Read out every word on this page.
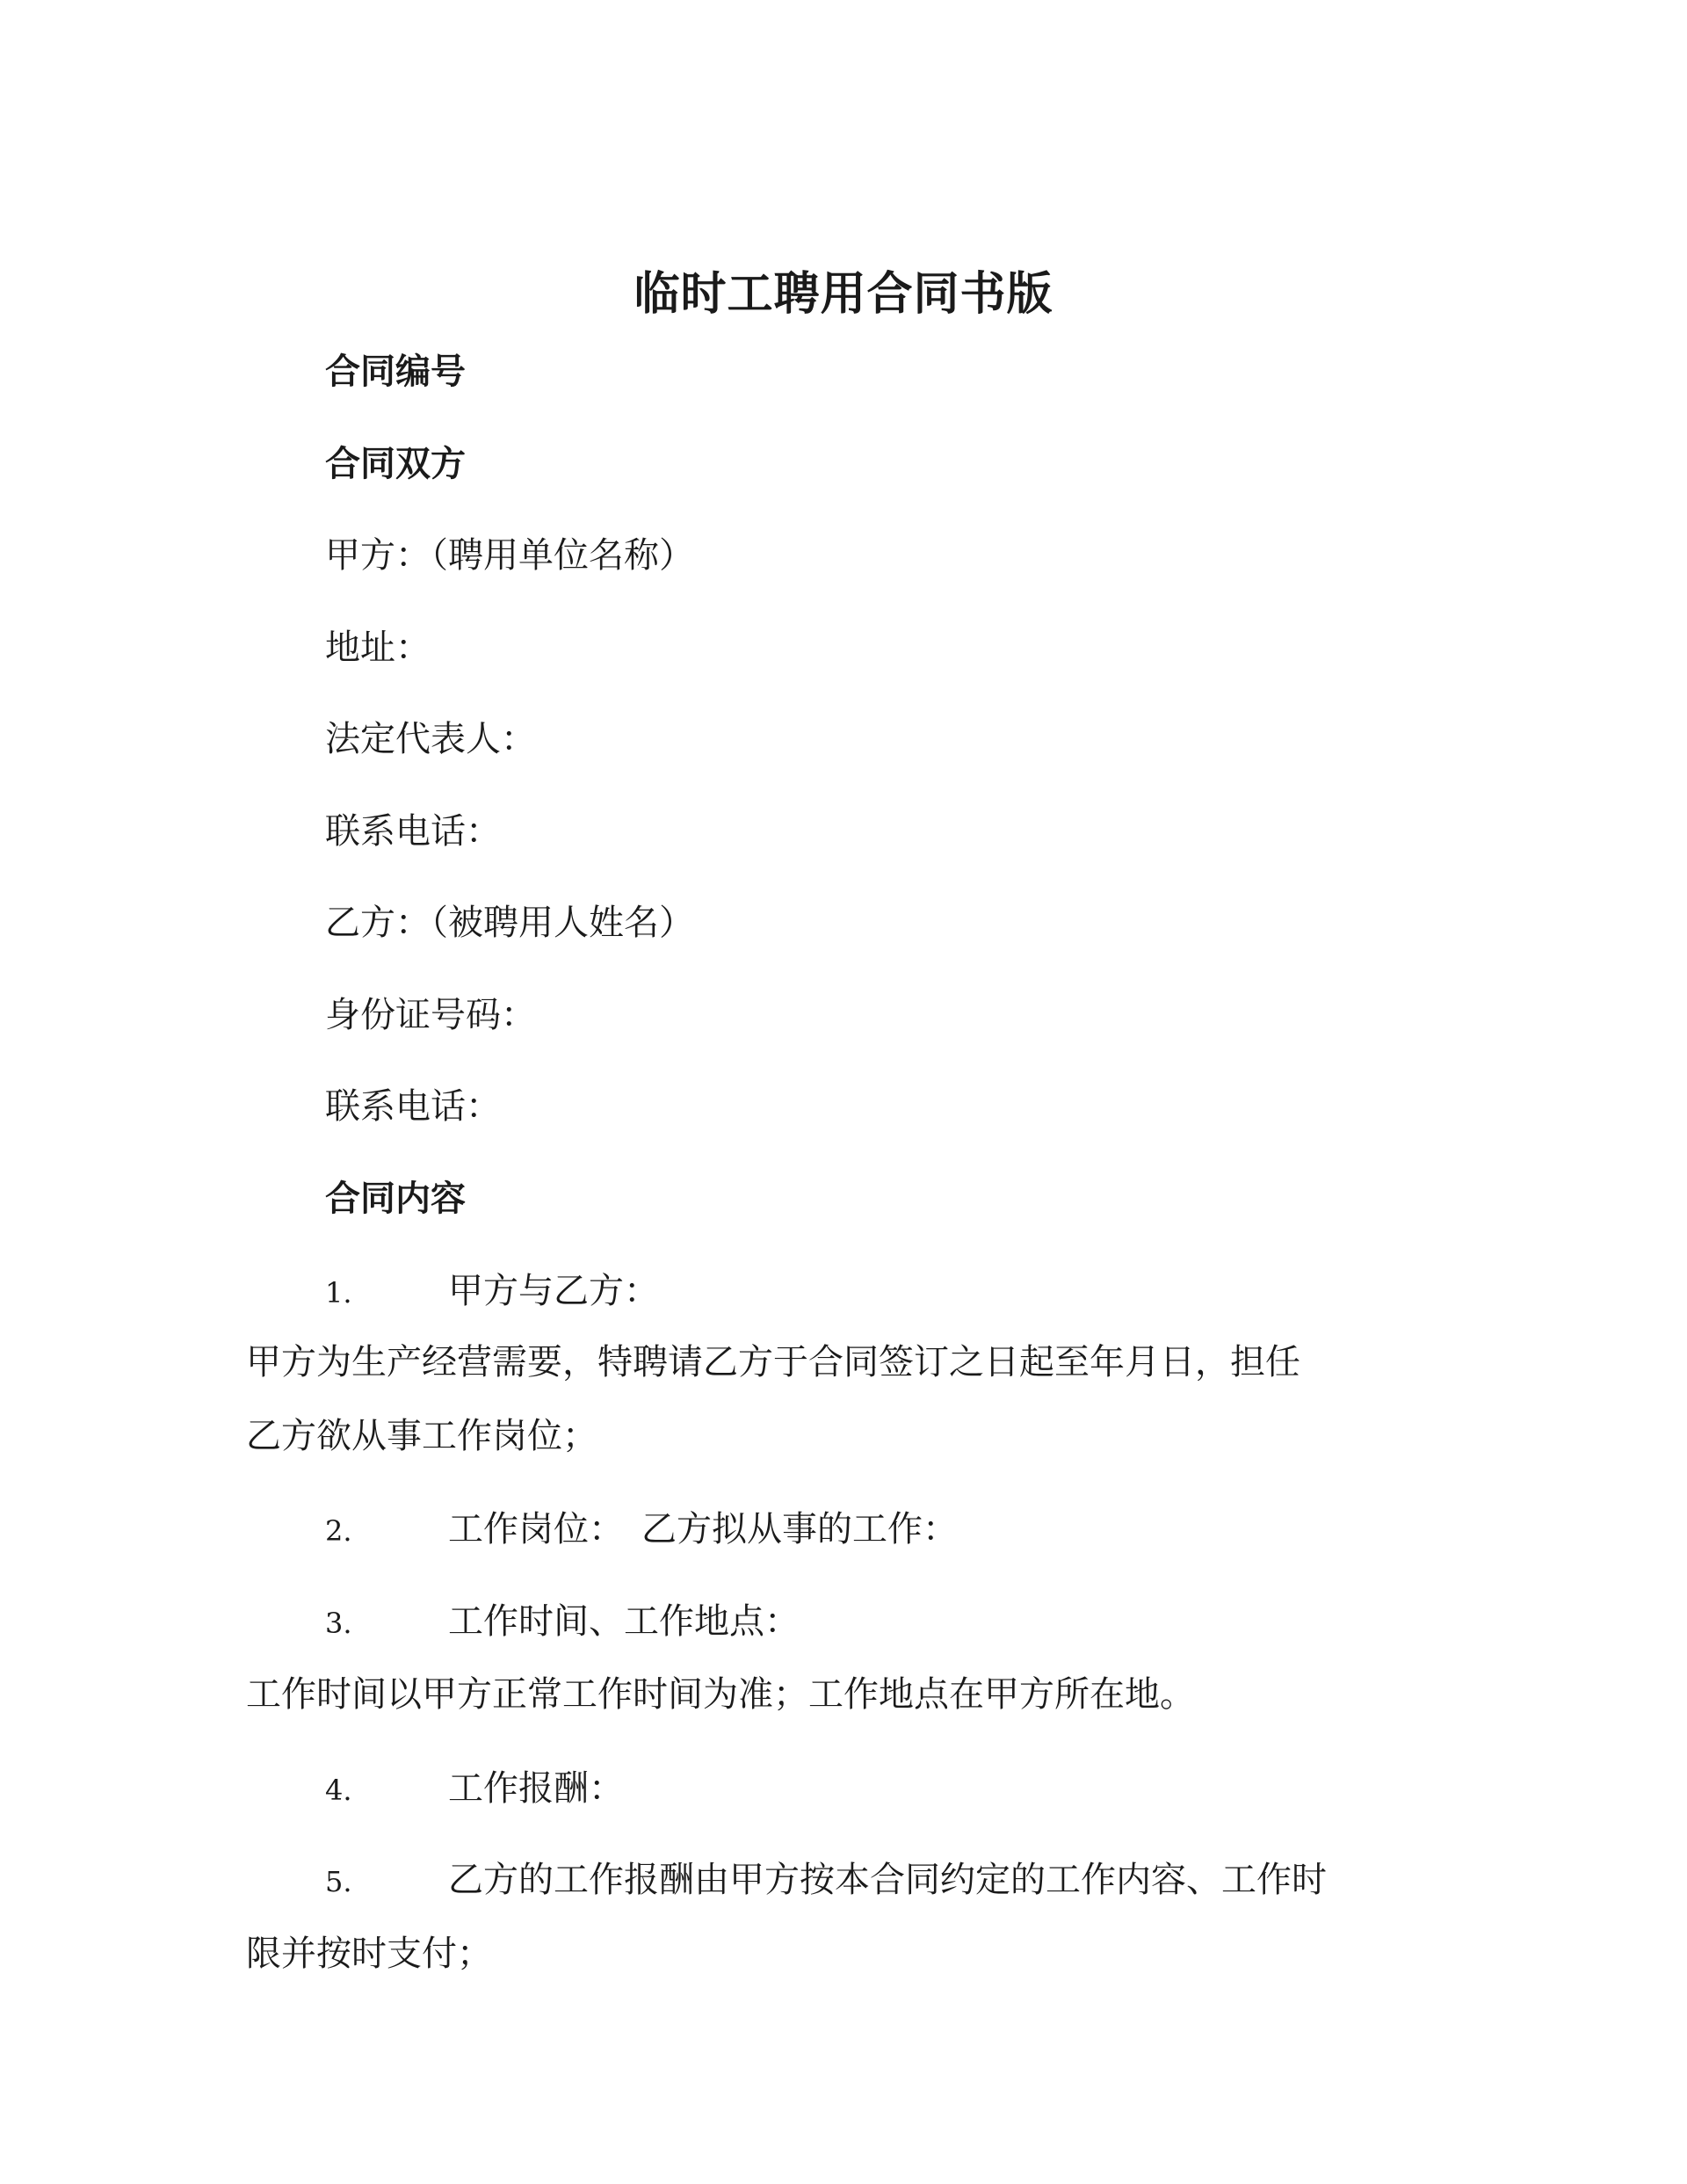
临时工聘用合同书版
合同编号
合同双方
甲方：（聘用单位名称）
地址：
法定代表人：
联系电话：
乙方：（被聘用人姓名）
身份证号码：
联系电话：
合同内容
1.	甲方与乙方：
甲方为生产经营需要，特聘请乙方于合同签订之日起至年月日，担任
乙方欲从事工作岗位；
2.	工作岗位：　乙方拟从事的工作：
3.	工作时间、工作地点：
工作时间以甲方正常工作时间为准；工作地点在甲方所在地。
4.	工作报酬：
5.	乙方的工作报酬由甲方按本合同约定的工作内容、工作时
限并按时支付；
